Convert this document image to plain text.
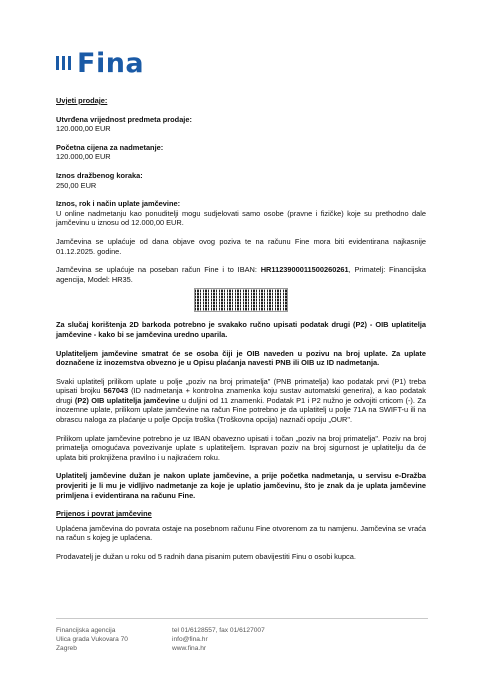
Fina

Uvjeti prodaje:

Utvrđena vrijednost predmeta prodaje:

120.000,00 EUR

Početna cijena za nadmetanje:

120.000,00 EUR

Iznos dražbenog koraka:

250,00 EUR

Iznos, rok i način uplate jamčevine:

U online nadmetanju kao ponuditelji mogu sudjelovati samo osobe (pravne i fizičke) koje su prethodno dale jamčevinu u iznosu od 12.000,00 EUR.

Jamčevina se uplaćuje od dana objave ovog poziva te na računu Fine mora biti evidentirana najkasnije 01.12.2025. godine.

Jamčevina se uplaćuje na poseban račun Fine i to IBAN: HR1123900011500260261, Primatelj: Financijska agencija, Model: HR35.

Za slučaj korištenja 2D barkoda potrebno je svakako ručno upisati podatak drugi (P2) - OIB uplatitelja jamčevine - kako bi se jamčevina uredno uparila.

Uplatiteljem jamčevine smatrat će se osoba čiji je OIB naveden u pozivu na broj uplate. Za uplate doznačene iz inozemstva obvezno je u Opisu plaćanja navesti PNB ili OIB uz ID nadmetanja.

Svaki uplatitelj prilikom uplate u polje „poziv na broj primatelja" (PNB primatelja) kao podatak prvi (P1) treba upisati brojku 567043 (ID nadmetanja + kontrolna znamenka koju sustav automatski generira), a kao podatak drugi (P2) OIB uplatitelja jamčevine u duljini od 11 znamenki. Podatak P1 i P2 nužno je odvojiti crticom (-). Za inozemne uplate, prilikom uplate jamčevine na račun Fine potrebno je da uplatitelj u polje 71A na SWIFT-u ili na obrascu naloga za plaćanje u polje Opcija troška (Troškovna opcija) naznači opciju „OUR".

Prilikom uplate jamčevine potrebno je uz IBAN obavezno upisati i točan „poziv na broj primatelja". Poziv na broj primatelja omogućava povezivanje uplate s uplatiteljem. Ispravan poziv na broj sigurnost je uplatitelju da će uplata biti proknjižena pravilno i u najkraćem roku.

Uplatitelj jamčevine dužan je nakon uplate jamčevine, a prije početka nadmetanja, u servisu e-Dražba provjeriti je li mu je vidljivo nadmetanje za koje je uplatio jamčevinu, što je znak da je uplata jamčevine primljena i evidentirana na računu Fine.

Prijenos i povrat jamčevine

Uplaćena jamčevina do povrata ostaje na posebnom računu Fine otvorenom za tu namjenu. Jamčevina se vraća na račun s kojeg je uplaćena.

Prodavatelj je dužan u roku od 5 radnih dana pisanim putem obavijestiti Finu o osobi kupca.

Financijska agencija
Ulica grada Vukovara 70
Zagreb
tel 01/6128557, fax 01/6127007
info@fina.hr
www.fina.hr
